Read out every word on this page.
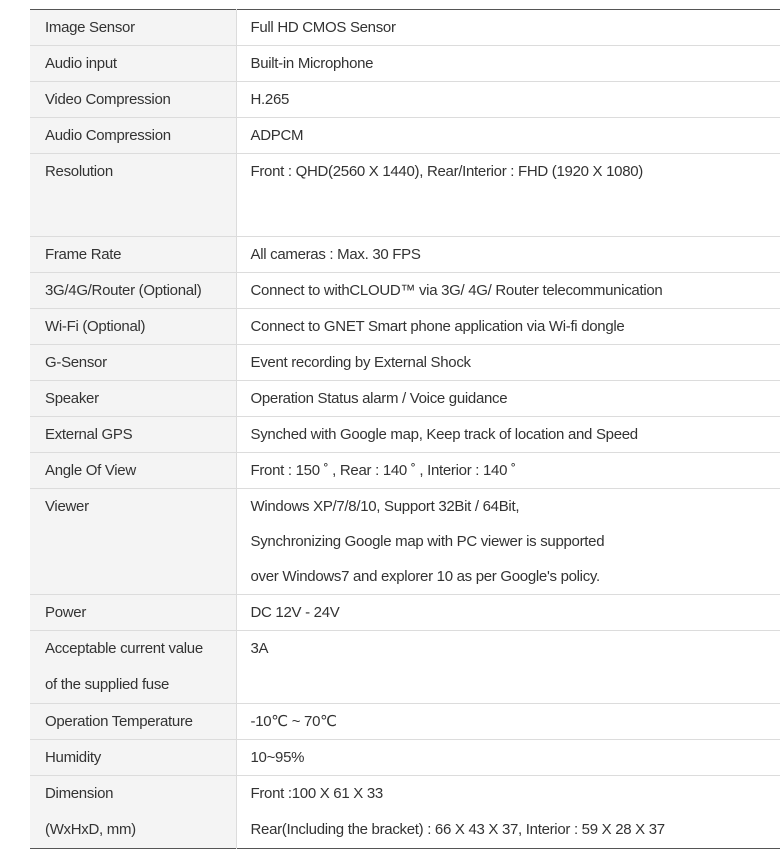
Image Sensor	Full HD CMOS Sensor

Audio input	Built-in Microphone

Video Compression	H.265

Audio Compression	ADPCM

Resolution	Front : QHD(2560 X 1440), Rear/Interior : FHD (1920 X 1080)

Frame Rate	All cameras : Max. 30 FPS

3G/4G/Router (Optional)	Connect to withCLOUD™ via 3G/ 4G/ Router telecommunication

Wi-Fi (Optional)	Connect to GNET Smart phone application via Wi-fi dongle

G-Sensor	Event recording by External Shock

Speaker	Operation Status alarm / Voice guidance

External GPS	Synched with Google map, Keep track of location and Speed

Angle Of View	Front : 150 ˚ , Rear : 140 ˚ , Interior : 140 ˚

Viewer	Windows XP/7/8/10, Support 32Bit / 64Bit,
Synchronizing Google map with PC viewer is supported
over Windows7 and explorer 10 as per Google's policy.

Power	DC 12V - 24V

Acceptable current value
of the supplied fuse	3A

Operation Temperature	-10℃ ~ 70℃

Humidity	10~95%

Dimension
(WxHxD, mm)	Front :100 X 61 X 33
Rear(Including the bracket) : 66 X 43 X 37, Interior : 59 X 28 X 37
